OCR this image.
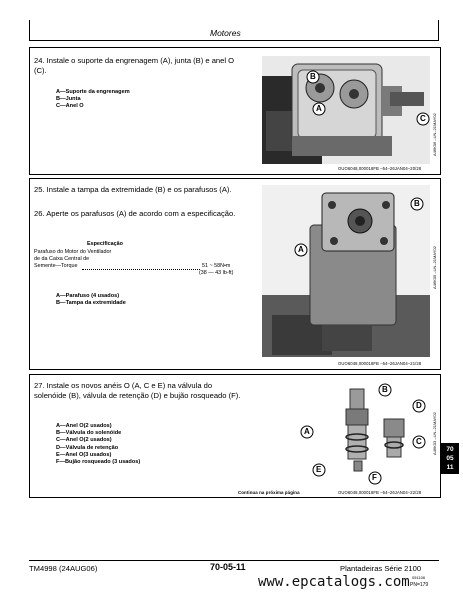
Motores
24. Instale o suporte da engrenagem (A), junta (B) e anel O (C).
A—Suporte da engrenagem
B—Junta
C—Anel O
B
A
C
OUO6048,000018FB –54–26JAN04–20/28
A46K06 –UN–21MAY02
25. Instale a tampa da extremidade (B) e os parafusos (A).
26. Aperte os parafusos (A) de acordo com a especificação.
Especificação
Parafuso do Motor do Ventilador
de da Caixa Central de
Semente—Torque	51 ~ 58N•m
(38 — 43 lb-ft)
A—Parafuso (4 usados)
B—Tampa da extremidade
B
A
OUO6048,000018FB –54–26JAN04–21/28
A46K05 –UN–21MAY02
27. Instale os novos anéis O (A, C e E) na válvula do solenóide (B), válvula de retenção (D) e bujão rosqueado (F).
A—Anel O(2 usados)
B—Válvula do solenóide
C—Anel O(2 usados)
D—Válvula de retenção
E—Anel O(3 usados)
F—Bujão rosqueado (3 usados)
B
D
A
C
E
F
Continua na próxima página	OUO6048,000018FB –54–26JAN04–22/28
A46K03 –UN–21MAY02	70
05
11
TM4998 (24AUG06)	70-05-11	Plantadeiras Série 2100
051106
PN=179
www.epcatalogs.com
